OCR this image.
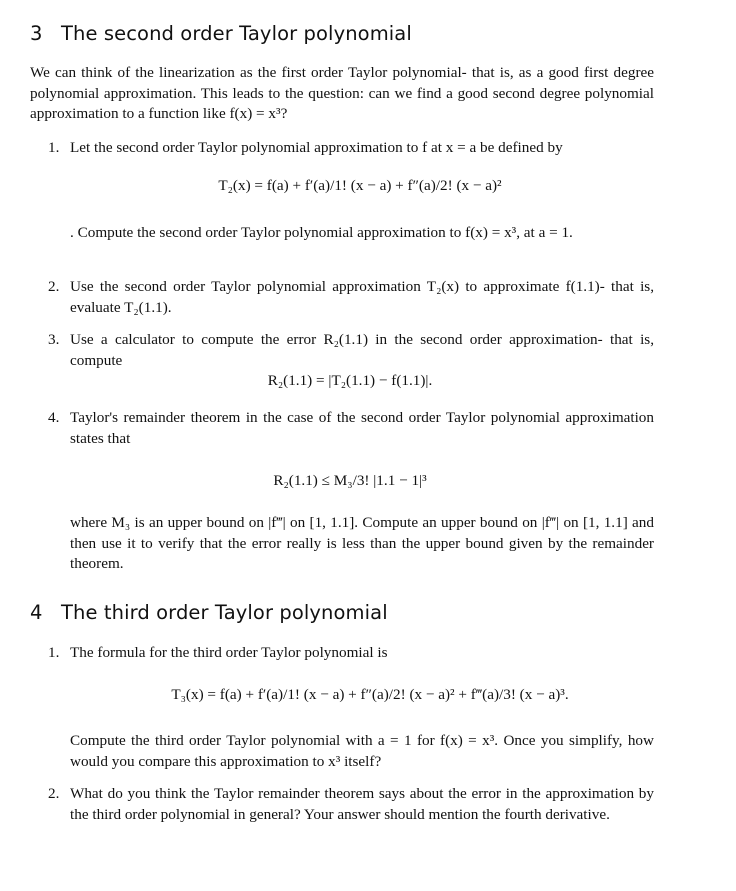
3 The second order Taylor polynomial

We can think of the linearization as the first order Taylor polynomial- that is, as a good first degree polynomial approximation. This leads to the question: can we find a good second degree polynomial approximation to a function like f(x) = x³?

1. Let the second order Taylor polynomial approximation to f at x = a be defined by
T₂(x) = f(a) + f′(a)/1! (x − a) + f″(a)/2! (x − a)²
. Compute the second order Taylor polynomial approximation to f(x) = x³, at a = 1.
2. Use the second order Taylor polynomial approximation T₂(x) to approximate f(1.1)- that is, evaluate T₂(1.1).
3. Use a calculator to compute the error R₂(1.1) in the second order approximation- that is, compute
R₂(1.1) = |T₂(1.1) − f(1.1)|.
4. Taylor's remainder theorem in the case of the second order Taylor polynomial approximation states that
R₂(1.1) ≤ M₃/3! |1.1 − 1|³
where M₃ is an upper bound on |f‴| on [1, 1.1]. Compute an upper bound on |f‴| on [1, 1.1] and then use it to verify that the error really is less than the upper bound given by the remainder theorem.
4 The third order Taylor polynomial
1. The formula for the third order Taylor polynomial is
T₃(x) = f(a) + f′(a)/1! (x − a) + f″(a)/2! (x − a)² + f‴(a)/3! (x − a)³.
Compute the third order Taylor polynomial with a = 1 for f(x) = x³. Once you simplify, how would you compare this approximation to x³ itself?
2. What do you think the Taylor remainder theorem says about the error in the approximation by the third order polynomial in general? Your answer should mention the fourth derivative.
